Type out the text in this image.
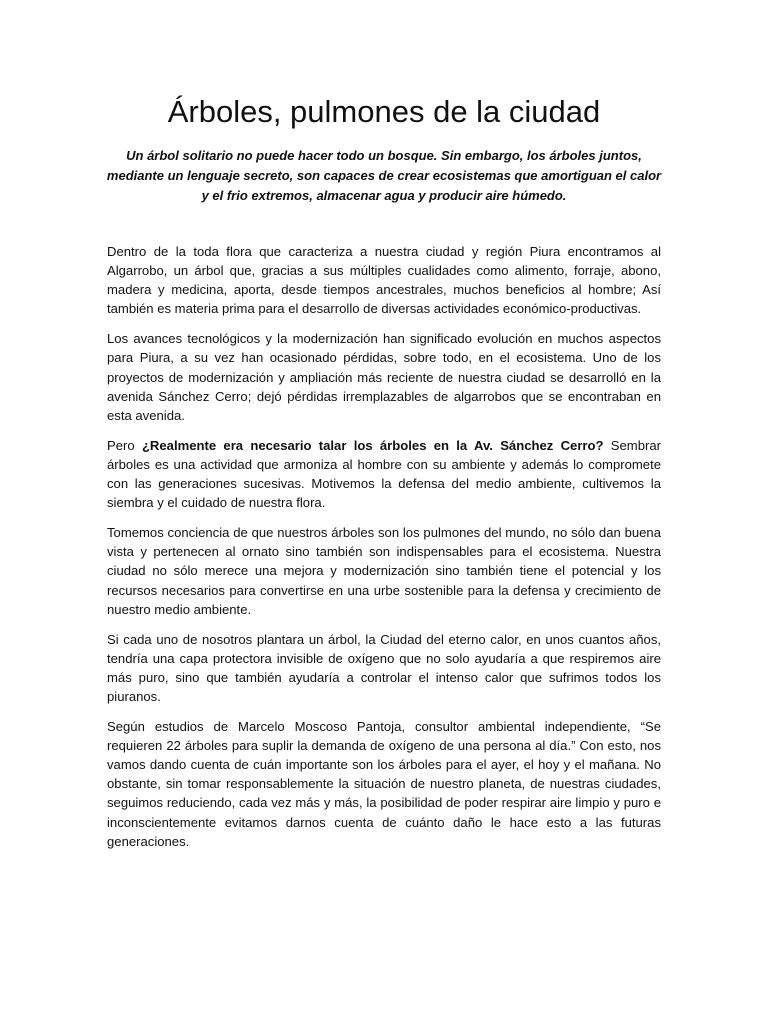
Árboles, pulmones de la ciudad

Un árbol solitario no puede hacer todo un bosque. Sin embargo, los árboles juntos, mediante un lenguaje secreto, son capaces de crear ecosistemas que amortiguan el calor y el frio extremos, almacenar agua y producir aire húmedo.

Dentro de la toda flora que caracteriza a nuestra ciudad y región Piura encontramos al Algarrobo, un árbol que, gracias a sus múltiples cualidades como alimento, forraje, abono, madera y medicina, aporta, desde tiempos ancestrales, muchos beneficios al hombre; Así también es materia prima para el desarrollo de diversas actividades económico-productivas.

Los avances tecnológicos y la modernización han significado evolución en muchos aspectos para Piura, a su vez han ocasionado pérdidas, sobre todo, en el ecosistema. Uno de los proyectos de modernización y ampliación más reciente de nuestra ciudad se desarrolló en la avenida Sánchez Cerro; dejó pérdidas irremplazables de algarrobos que se encontraban en esta avenida.

Pero ¿Realmente era necesario talar los árboles en la Av. Sánchez Cerro? Sembrar árboles es una actividad que armoniza al hombre con su ambiente y además lo compromete con las generaciones sucesivas. Motivemos la defensa del medio ambiente, cultivemos la siembra y el cuidado de nuestra flora.

Tomemos conciencia de que nuestros árboles son los pulmones del mundo, no sólo dan buena vista y pertenecen al ornato sino también son indispensables para el ecosistema. Nuestra ciudad no sólo merece una mejora y modernización sino también tiene el potencial y los recursos necesarios para convertirse en una urbe sostenible para la defensa y crecimiento de nuestro medio ambiente.

Si cada uno de nosotros plantara un árbol, la Ciudad del eterno calor, en unos cuantos años, tendría una capa protectora invisible de oxígeno que no solo ayudaría a que respiremos aire más puro, sino que también ayudaría a controlar el intenso calor que sufrimos todos los piuranos.

Según estudios de Marcelo Moscoso Pantoja, consultor ambiental independiente, “Se requieren 22 árboles para suplir la demanda de oxígeno de una persona al día.” Con esto, nos vamos dando cuenta de cuán importante son los árboles para el ayer, el hoy y el mañana. No obstante, sin tomar responsablemente la situación de nuestro planeta, de nuestras ciudades, seguimos reduciendo, cada vez más y más, la posibilidad de poder respirar aire limpio y puro e inconscientemente evitamos darnos cuenta de cuánto daño le hace esto a las futuras generaciones.
